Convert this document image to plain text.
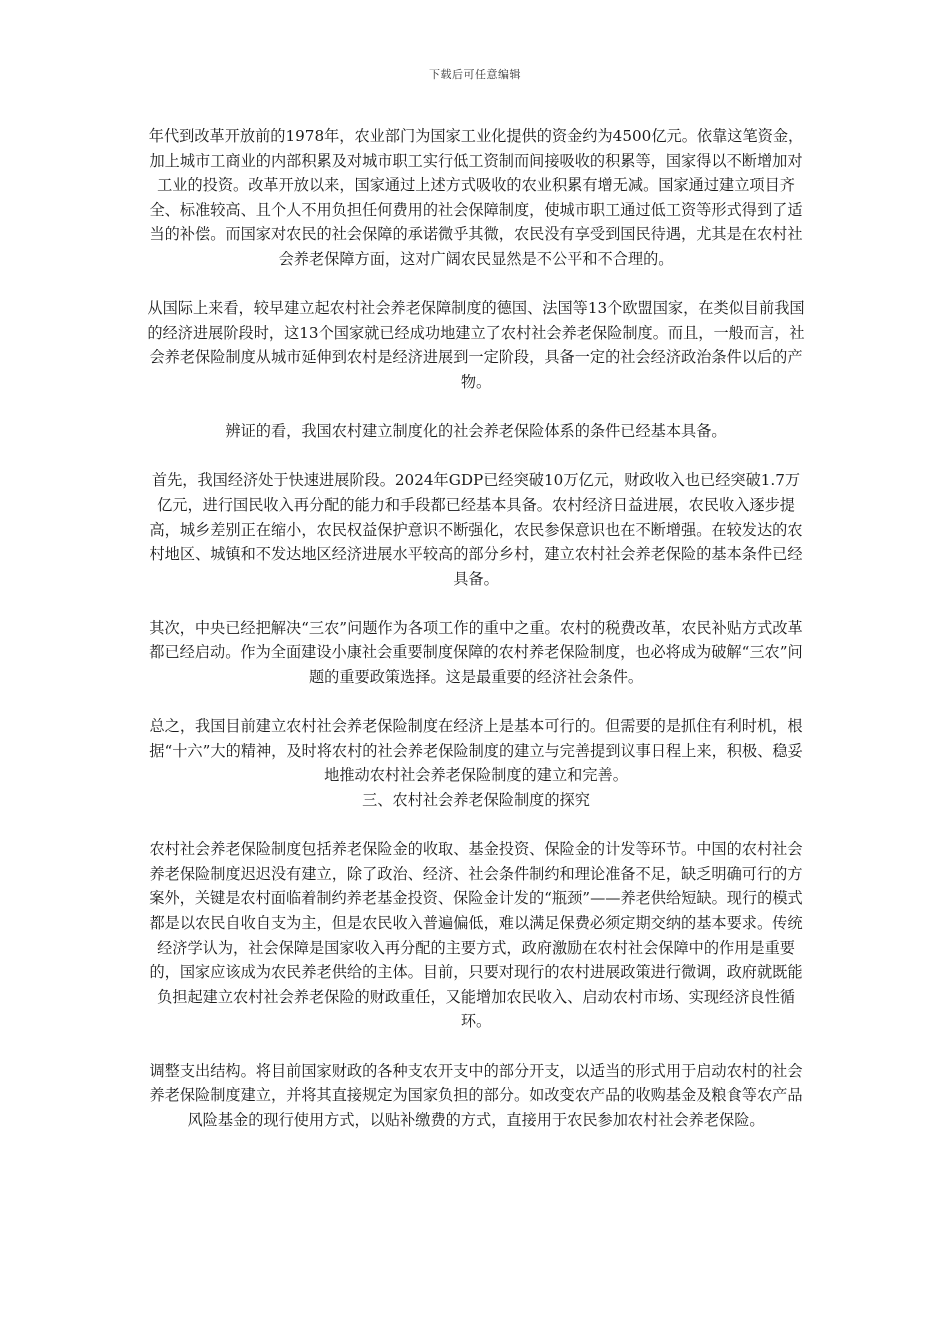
下载后可任意编辑

年代到改革开放前的1978年，农业部门为国家工业化提供的资金约为4500亿元。依靠这笔资金，加上城市工商业的内部积累及对城市职工实行低工资制而间接吸收的积累等，国家得以不断增加对工业的投资。改革开放以来，国家通过上述方式吸收的农业积累有增无减。国家通过建立项目齐全、标准较高、且个人不用负担任何费用的社会保障制度，使城市职工通过低工资等形式得到了适当的补偿。而国家对农民的社会保障的承诺微乎其微，农民没有享受到国民待遇，尤其是在农村社会养老保障方面，这对广阔农民显然是不公平和不合理的。

从国际上来看，较早建立起农村社会养老保障制度的德国、法国等13个欧盟国家，在类似目前我国的经济进展阶段时，这13个国家就已经成功地建立了农村社会养老保险制度。而且，一般而言，社会养老保险制度从城市延伸到农村是经济进展到一定阶段，具备一定的社会经济政治条件以后的产物。

辨证的看，我国农村建立制度化的社会养老保险体系的条件已经基本具备。

首先，我国经济处于快速进展阶段。2024年GDP已经突破10万亿元，财政收入也已经突破1.7万亿元，进行国民收入再分配的能力和手段都已经基本具备。农村经济日益进展，农民收入逐步提高，城乡差别正在缩小，农民权益保护意识不断强化，农民参保意识也在不断增强。在较发达的农村地区、城镇和不发达地区经济进展水平较高的部分乡村，建立农村社会养老保险的基本条件已经具备。

其次，中央已经把解决“三农”问题作为各项工作的重中之重。农村的税费改革，农民补贴方式改革都已经启动。作为全面建设小康社会重要制度保障的农村养老保险制度，也必将成为破解“三农”问题的重要政策选择。这是最重要的经济社会条件。

总之，我国目前建立农村社会养老保险制度在经济上是基本可行的。但需要的是抓住有利时机，根据“十六”大的精神，及时将农村的社会养老保险制度的建立与完善提到议事日程上来，积极、稳妥地推动农村社会养老保险制度的建立和完善。

三、农村社会养老保险制度的探究

农村社会养老保险制度包括养老保险金的收取、基金投资、保险金的计发等环节。中国的农村社会养老保险制度迟迟没有建立，除了政治、经济、社会条件制约和理论准备不足，缺乏明确可行的方案外，关键是农村面临着制约养老基金投资、保险金计发的“瓶颈”——养老供给短缺。现行的模式都是以农民自收自支为主，但是农民收入普遍偏低，难以满足保费必须定期交纳的基本要求。传统经济学认为，社会保障是国家收入再分配的主要方式，政府激励在农村社会保障中的作用是重要的，国家应该成为农民养老供给的主体。目前，只要对现行的农村进展政策进行微调，政府就既能负担起建立农村社会养老保险的财政重任，又能增加农民收入、启动农村市场、实现经济良性循环。

调整支出结构。将目前国家财政的各种支农开支中的部分开支，以适当的形式用于启动农村的社会养老保险制度建立，并将其直接规定为国家负担的部分。如改变农产品的收购基金及粮食等农产品风险基金的现行使用方式，以贴补缴费的方式，直接用于农民参加农村社会养老保险。
